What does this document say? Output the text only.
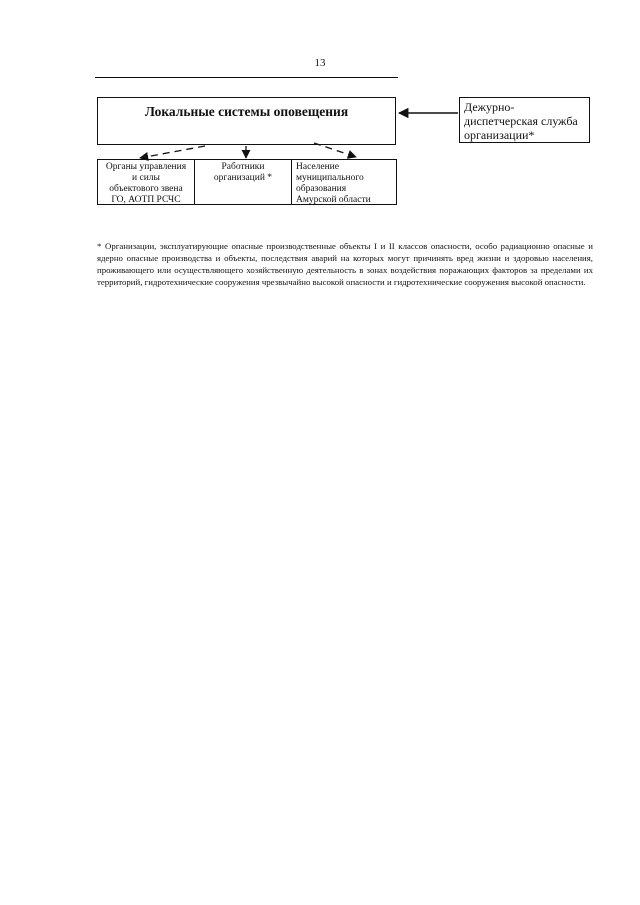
13
Локальные системы оповещения	Дежурно-
диспетчерская служба
организации*
Органы управления
и силы
объектового звена
ГО, АОТП РСЧС
Работники
организаций *
Население
муниципального
образования
Амурской области
* Организации, эксплуатирующие опасные производственные объекты I и II классов опасности, особо радиационно опасные и ядерно опасные производства и объекты, последствия аварий на которых могут причинять вред жизни и здоровью населения, проживающего или осуществляющего хозяйственную деятельность в зонах воздействия поражающих факторов за пределами их территорий, гидротехнические сооружения чрезвычайно высокой опасности и гидротехнические сооружения высокой опасности.
